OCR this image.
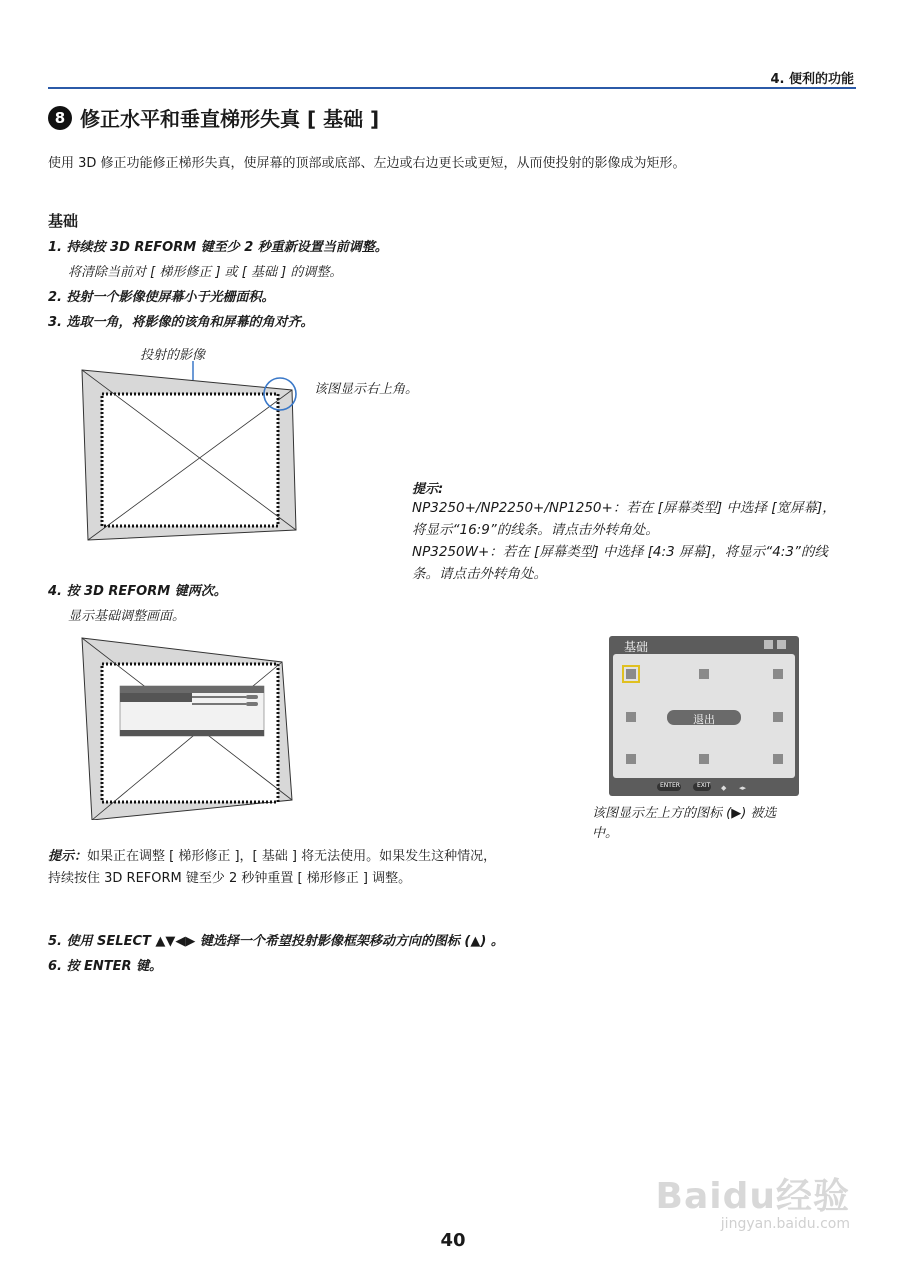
4. 便利的功能
8 修正水平和垂直梯形失真 [ 基础 ]
使用 3D 修正功能修正梯形失真，使屏幕的顶部或底部、左边或右边更长或更短，从而使投射的影像成为矩形。
基础
1. 持续按 3D REFORM 键至少 2 秒重新设置当前调整。
将清除当前对 [ 梯形修正 ] 或 [ 基础 ] 的调整。
2. 投射一个影像使屏幕小于光栅面积。
3. 选取一角，将影像的该角和屏幕的角对齐。
投射的影像
该图显示右上角。
提示:
NP3250+/NP2250+/NP1250+：若在 [屏幕类型] 中选择 [宽屏幕]，将显示“16:9”的线条。请点击外转角处。
NP3250W+：若在 [屏幕类型] 中选择 [4:3 屏幕]，将显示“4:3”的线条。请点击外转角处。
4. 按 3D REFORM 键两次。
显示基础调整画面。
◆ ◂▸
基础
退出
ENTER	EXIT
该图显示左上方的图标 (▶) 被选中。
提示：如果正在调整 [ 梯形修正 ]，[ 基础 ] 将无法使用。如果发生这种情况，持续按住 3D REFORM 键至少 2 秒钟重置 [ 梯形修正 ] 调整。
5. 使用 SELECT ▲▼◀▶ 键选择一个希望投射影像框架移动方向的图标 (▲) 。
6. 按 ENTER 键。
40
Baidu经验
jingyan.baidu.com
